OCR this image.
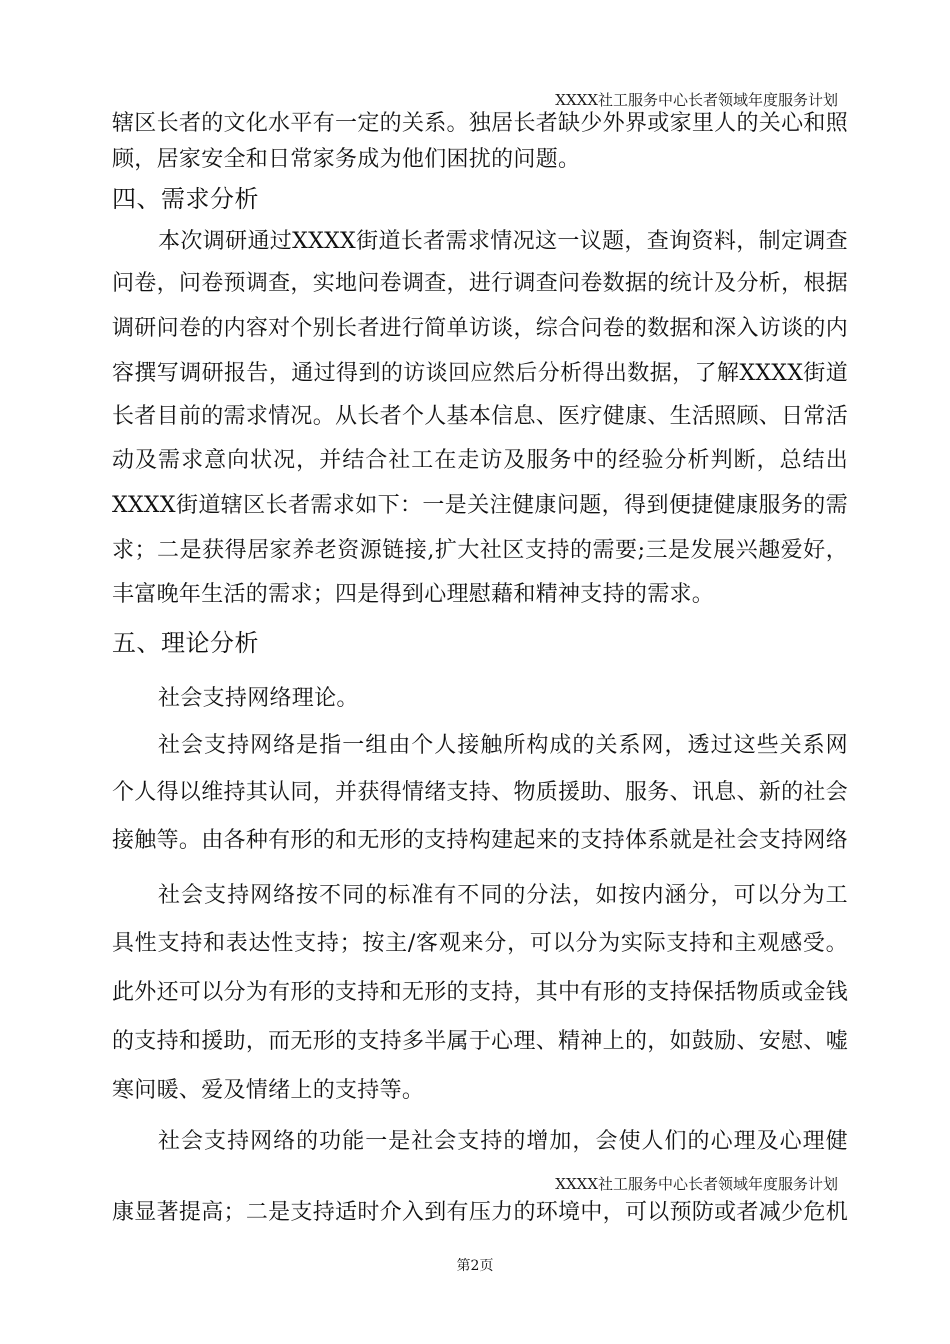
XXXX社工服务中心长者领域年度服务计划
辖区长者的文化水平有一定的关系。独居长者缺少外界或家里人的关心和照
顾，居家安全和日常家务成为他们困扰的问题。
四、需求分析
本次调研通过XXXX街道长者需求情况这一议题，查询资料，制定调查
问卷，问卷预调查，实地问卷调查，进行调查问卷数据的统计及分析，根据
调研问卷的内容对个别长者进行简单访谈，综合问卷的数据和深入访谈的内
容撰写调研报告，通过得到的访谈回应然后分析得出数据，了解XXXX街道
长者目前的需求情况。从长者个人基本信息、医疗健康、生活照顾、日常活
动及需求意向状况，并结合社工在走访及服务中的经验分析判断，总结出
XXXX街道辖区长者需求如下：一是关注健康问题，得到便捷健康服务的需
求；二是获得居家养老资源链接,扩大社区支持的需要;三是发展兴趣爱好，
丰富晚年生活的需求；四是得到心理慰藉和精神支持的需求。
五、理论分析
社会支持网络理论。
社会支持网络是指一组由个人接触所构成的关系网，透过这些关系网
个人得以维持其认同，并获得情绪支持、物质援助、服务、讯息、新的社会
接触等。由各种有形的和无形的支持构建起来的支持体系就是社会支持网络
社会支持网络按不同的标准有不同的分法，如按内涵分，可以分为工
具性支持和表达性支持；按主/客观来分，可以分为实际支持和主观感受。
此外还可以分为有形的支持和无形的支持，其中有形的支持保括物质或金钱
的支持和援助，而无形的支持多半属于心理、精神上的，如鼓励、安慰、嘘
寒问暖、爱及情绪上的支持等。
社会支持网络的功能一是社会支持的增加，会使人们的心理及心理健
XXXX社工服务中心长者领域年度服务计划
康显著提高；二是支持适时介入到有压力的环境中，可以预防或者减少危机
第2页
